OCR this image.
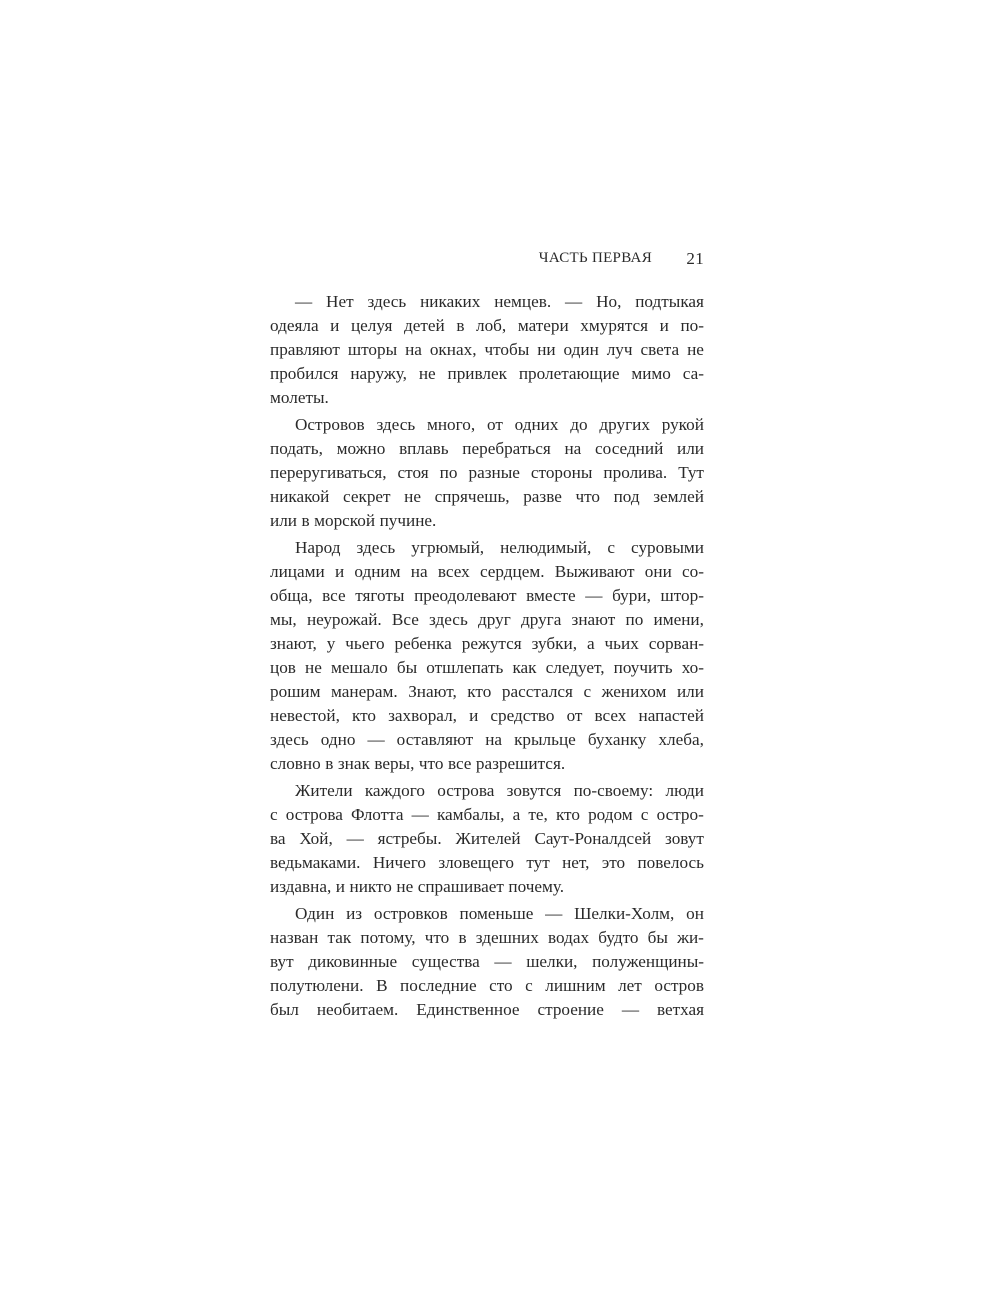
ЧАСТЬ ПЕРВАЯ 21
— Нет здесь никаких немцев. — Но, подтыкая
одеяла и целуя детей в лоб, матери хмурятся и по-
правляют шторы на окнах, чтобы ни один луч света не
пробился наружу, не привлек пролетающие мимо са-
молеты.
Островов здесь много, от одних до других рукой
подать, можно вплавь перебраться на соседний или
переругиваться, стоя по разные стороны пролива. Тут
никакой секрет не спрячешь, разве что под землей
или в морской пучине.
Народ здесь угрюмый, нелюдимый, с суровыми
лицами и одним на всех сердцем. Выживают они со-
обща, все тяготы преодолевают вместе — бури, штор-
мы, неурожай. Все здесь друг друга знают по имени,
знают, у чьего ребенка режутся зубки, а чьих сорван-
цов не мешало бы отшлепать как следует, поучить хо-
рошим манерам. Знают, кто расстался с женихом или
невестой, кто захворал, и средство от всех напастей
здесь одно — оставляют на крыльце буханку хлеба,
словно в знак веры, что все разрешится.
Жители каждого острова зовутся по-своему: люди
с острова Флотта — камбалы, а те, кто родом с остро-
ва Хой, — ястребы. Жителей Саут-Роналдсей зовут
ведьмаками. Ничего зловещего тут нет, это повелось
издавна, и никто не спрашивает почему.
Один из островков поменьше — Шелки-Холм, он
назван так потому, что в здешних водах будто бы жи-
вут диковинные существа — шелки, полуженщины-
полутюлени. В последние сто с лишним лет остров
был необитаем. Единственное строение — ветхая
